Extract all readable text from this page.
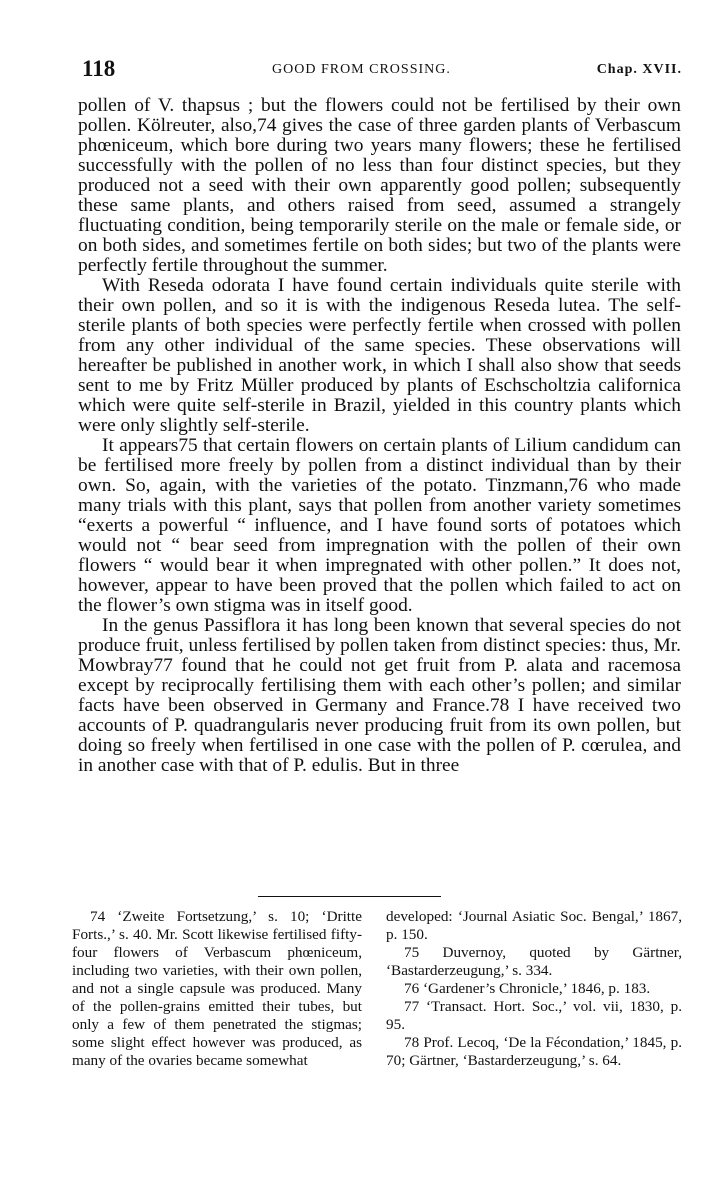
118	GOOD FROM CROSSING.	Chap. XVII.

pollen of V. thapsus ; but the flowers could not be fertilised by their own pollen. Kölreuter, also,74 gives the case of three garden plants of Verbascum phœniceum, which bore during two years many flowers; these he fertilised successfully with the pollen of no less than four distinct species, but they produced not a seed with their own apparently good pollen; subsequently these same plants, and others raised from seed, assumed a strangely fluctuating condition, being temporarily sterile on the male or female side, or on both sides, and sometimes fertile on both sides; but two of the plants were perfectly fertile throughout the summer.

With Reseda odorata I have found certain individuals quite sterile with their own pollen, and so it is with the indigenous Reseda lutea. The self-sterile plants of both species were perfectly fertile when crossed with pollen from any other individual of the same species. These observations will hereafter be published in another work, in which I shall also show that seeds sent to me by Fritz Müller produced by plants of Eschscholtzia californica which were quite self-sterile in Brazil, yielded in this country plants which were only slightly self-sterile.

It appears75 that certain flowers on certain plants of Lilium candidum can be fertilised more freely by pollen from a distinct individual than by their own. So, again, with the varieties of the potato. Tinzmann,76 who made many trials with this plant, says that pollen from another variety sometimes “exerts a powerful “ influence, and I have found sorts of potatoes which would not “ bear seed from impregnation with the pollen of their own flowers “ would bear it when impregnated with other pollen.” It does not, however, appear to have been proved that the pollen which failed to act on the flower’s own stigma was in itself good.

In the genus Passiflora it has long been known that several species do not produce fruit, unless fertilised by pollen taken from distinct species: thus, Mr. Mowbray77 found that he could not get fruit from P. alata and racemosa except by reciprocally fertilising them with each other’s pollen; and similar facts have been observed in Germany and France.78 I have received two accounts of P. quadrangularis never producing fruit from its own pollen, but doing so freely when fertilised in one case with the pollen of P. cœrulea, and in another case with that of P. edulis. But in three

74 ‘Zweite Fortsetzung,’ s. 10; ‘Dritte Forts.,’ s. 40. Mr. Scott likewise fertilised fifty-four flowers of Verbascum phœniceum, including two varieties, with their own pollen, and not a single capsule was produced. Many of the pollen-grains emitted their tubes, but only a few of them penetrated the stigmas; some slight effect however was produced, as many of the ovaries became somewhat

developed: ‘Journal Asiatic Soc. Bengal,’ 1867, p. 150.

75 Duvernoy, quoted by Gärtner, ‘Bastarderzeugung,’ s. 334.

76 ‘Gardener’s Chronicle,’ 1846, p. 183.

77 ‘Transact. Hort. Soc.,’ vol. vii, 1830, p. 95.

78 Prof. Lecoq, ‘De la Fécondation,’ 1845, p. 70; Gärtner, ‘Bastarderzeugung,’ s. 64.
